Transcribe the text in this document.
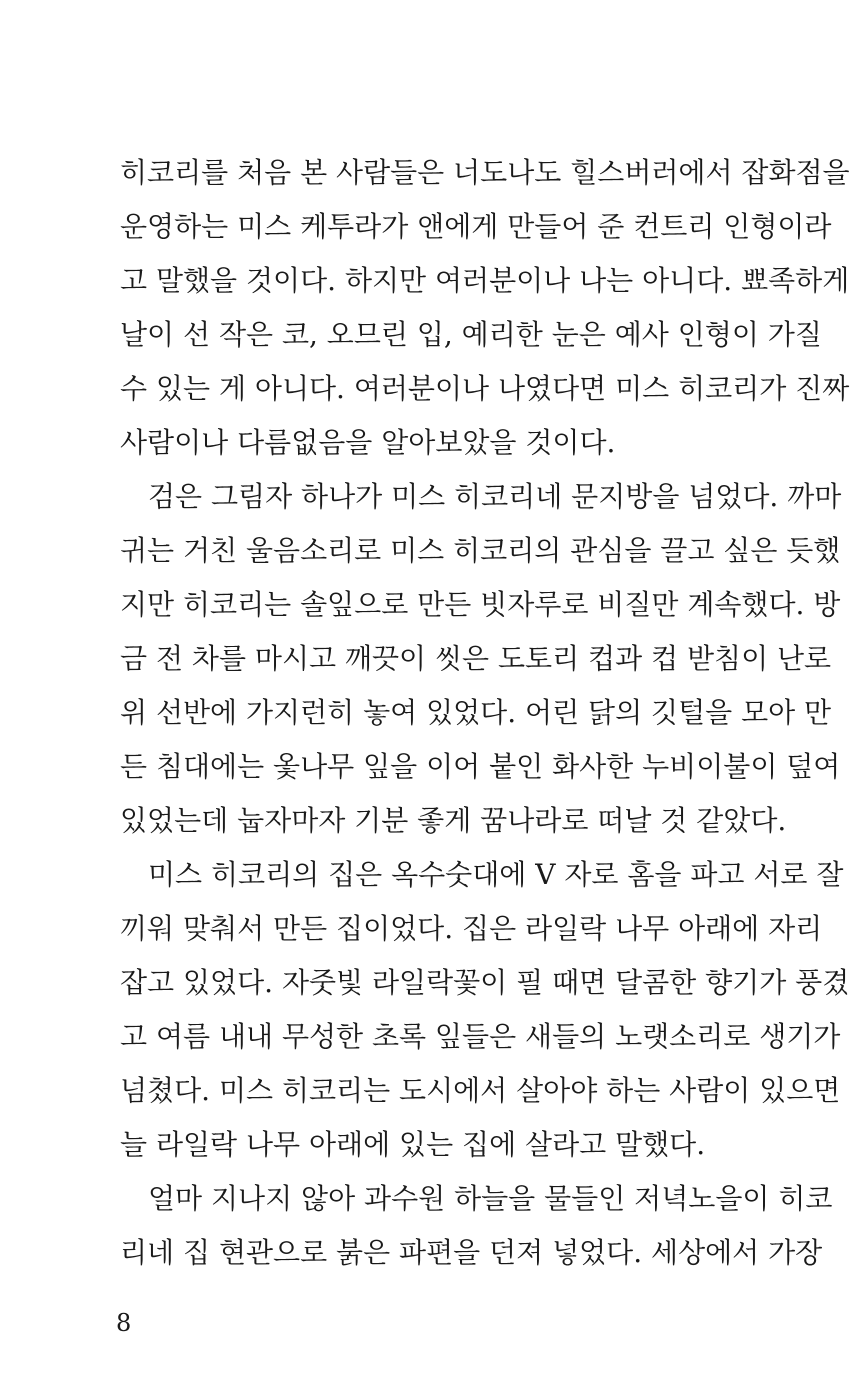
히코리를 처음 본 사람들은 너도나도 힐스버러에서 잡화점을
운영하는 미스 케투라가 앤에게 만들어 준 컨트리 인형이라
고 말했을 것이다. 하지만 여러분이나 나는 아니다. 뾰족하게
날이 선 작은 코, 오므린 입, 예리한 눈은 예사 인형이 가질
수 있는 게 아니다. 여러분이나 나였다면 미스 히코리가 진짜
사람이나 다름없음을 알아보았을 것이다.
검은 그림자 하나가 미스 히코리네 문지방을 넘었다. 까마
귀는 거친 울음소리로 미스 히코리의 관심을 끌고 싶은 듯했
지만 히코리는 솔잎으로 만든 빗자루로 비질만 계속했다. 방
금 전 차를 마시고 깨끗이 씻은 도토리 컵과 컵 받침이 난로
위 선반에 가지런히 놓여 있었다. 어린 닭의 깃털을 모아 만
든 침대에는 옻나무 잎을 이어 붙인 화사한 누비이불이 덮여
있었는데 눕자마자 기분 좋게 꿈나라로 떠날 것 같았다.
미스 히코리의 집은 옥수숫대에 V 자로 홈을 파고 서로 잘
끼워 맞춰서 만든 집이었다. 집은 라일락 나무 아래에 자리
잡고 있었다. 자줏빛 라일락꽃이 필 때면 달콤한 향기가 풍겼
고 여름 내내 무성한 초록 잎들은 새들의 노랫소리로 생기가
넘쳤다. 미스 히코리는 도시에서 살아야 하는 사람이 있으면
늘 라일락 나무 아래에 있는 집에 살라고 말했다.
얼마 지나지 않아 과수원 하늘을 물들인 저녁노을이 히코
리네 집 현관으로 붉은 파편을 던져 넣었다. 세상에서 가장
8
